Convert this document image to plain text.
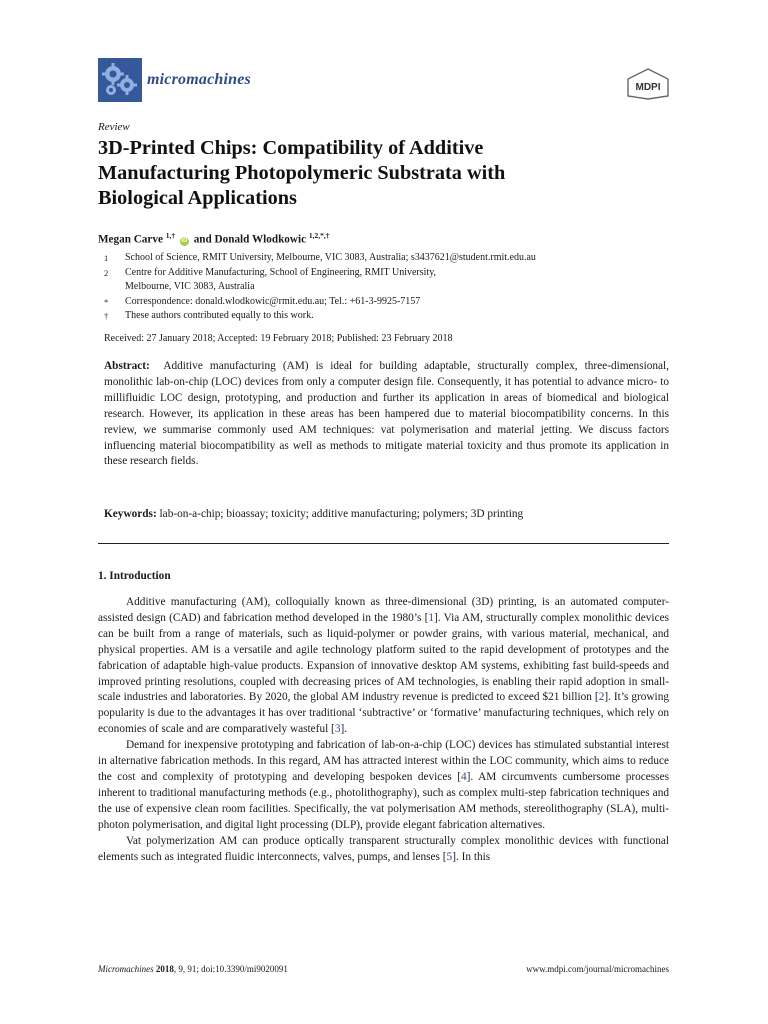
micromachines	MDPI
Review
3D-Printed Chips: Compatibility of Additive
Manufacturing Photopolymeric Substrata with
Biological Applications
Megan Carve $^{1,\dagger}$ iD and Donald Wlodkowic $^{1,2,*,\dagger}$
1	School of Science, RMIT University, Melbourne, VIC 3083, Australia; s3437621@student.rmit.edu.au
2	Centre for Additive Manufacturing, School of Engineering, RMIT University,
Melbourne, VIC 3083, Australia
*	Correspondence: donald.wlodkowic@rmit.edu.au; Tel.: +61-3-9925-7157
†	These authors contributed equally to this work.
Received: 27 January 2018; Accepted: 19 February 2018; Published: 23 February 2018
Abstract: Additive manufacturing (AM) is ideal for building adaptable, structurally complex, three-dimensional, monolithic lab-on-chip (LOC) devices from only a computer design file. Consequently, it has potential to advance micro- to millifluidic LOC design, prototyping, and production and further its application in areas of biomedical and biological research. However, its application in these areas has been hampered due to material biocompatibility concerns. In this review, we summarise commonly used AM techniques: vat polymerisation and material jetting. We discuss factors influencing material biocompatibility as well as methods to mitigate material toxicity and thus promote its application in these research fields.
Keywords: lab-on-a-chip; bioassay; toxicity; additive manufacturing; polymers; 3D printing
1. Introduction

Additive manufacturing (AM), colloquially known as three-dimensional (3D) printing, is an automated computer-assisted design (CAD) and fabrication method developed in the 1980’s [1]. Via AM, structurally complex monolithic devices can be built from a range of materials, such as liquid-polymer or powder grains, with various material, mechanical, and physical properties. AM is a versatile and agile technology platform suited to the rapid development of prototypes and the fabrication of adaptable high-value products. Expansion of innovative desktop AM systems, exhibiting fast build-speeds and improved printing resolutions, coupled with decreasing prices of AM technologies, is enabling their rapid adoption in small-scale industries and laboratories. By 2020, the global AM industry revenue is predicted to exceed $21 billion [2]. It’s growing popularity is due to the advantages it has over traditional ‘subtractive’ or ‘formative’ manufacturing techniques, which rely on economies of scale and are comparatively wasteful [3].

Demand for inexpensive prototyping and fabrication of lab-on-a-chip (LOC) devices has stimulated substantial interest in alternative fabrication methods. In this regard, AM has attracted interest within the LOC community, which aims to reduce the cost and complexity of prototyping and developing bespoken devices [4]. AM circumvents cumbersome processes inherent to traditional manufacturing methods (e.g., photolithography), such as complex multi-step fabrication techniques and the use of expensive clean room facilities. Specifically, the vat polymerisation AM methods, stereolithography (SLA), multi-photon polymerisation, and digital light processing (DLP), provide elegant fabrication alternatives.

Vat polymerization AM can produce optically transparent structurally complex monolithic devices with functional elements such as integrated fluidic interconnects, valves, pumps, and lenses [5]. In this

Micromachines 2018, 9, 91; doi:10.3390/mi9020091	www.mdpi.com/journal/micromachines
